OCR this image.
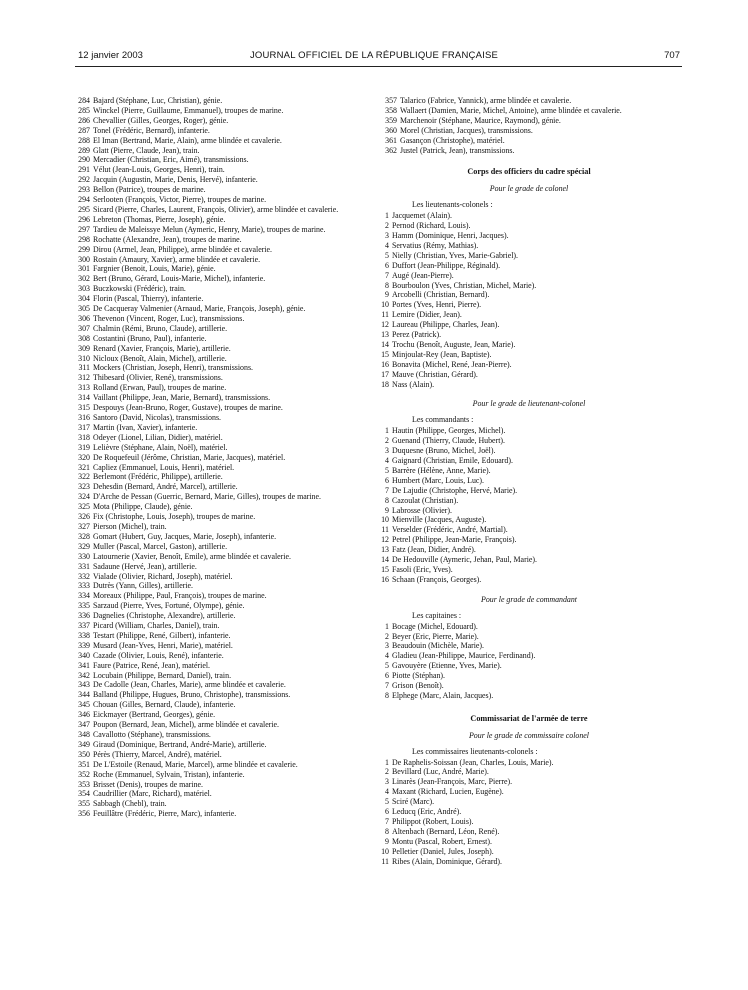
12 janvier 2003	JOURNAL OFFICIEL DE LA RÉPUBLIQUE FRANÇAISE	707
284 Bajard (Stéphane, Luc, Christian), génie.
285 Winckel (Pierre, Guillaume, Emmanuel), troupes de marine.
286 Chevallier (Gilles, Georges, Roger), génie.
287 Tonel (Frédéric, Bernard), infanterie.
288 El Iman (Bertrand, Marie, Alain), arme blindée et cavalerie.
289 Glatt (Pierre, Claude, Jean), train.
290 Mercadier (Christian, Eric, Aimé), transmissions.
291 Vélut (Jean-Louis, Georges, Henri), train.
292 Jacquin (Augustin, Marie, Denis, Hervé), infanterie.
293 Bellon (Patrice), troupes de marine.
294 Serlooten (François, Victor, Pierre), troupes de marine.
295 Sicard (Pierre, Charles, Laurent, François, Olivier), arme blindée et cavalerie.
296 Lebreton (Thomas, Pierre, Joseph), génie.
297 Tardieu de Maleissye Melun (Aymeric, Henry, Marie), troupes de marine.
298 Rochatte (Alexandre, Jean), troupes de marine.
299 Dirou (Armel, Jean, Philippe), arme blindée et cavalerie.
300 Rostain (Amaury, Xavier), arme blindée et cavalerie.
301 Fargnier (Benoit, Louis, Marie), génie.
302 Bert (Bruno, Gérard, Louis-Marie, Michel), infanterie.
303 Buczkowski (Frédéric), train.
304 Florin (Pascal, Thierry), infanterie.
305 De Cacqueray Valmenier (Arnaud, Marie, François, Joseph), génie.
306 Thevenon (Vincent, Roger, Luc), transmissions.
307 Chalmin (Rémi, Bruno, Claude), artillerie.
308 Costantini (Bruno, Paul), infanterie.
309 Renard (Xavier, François, Marie), artillerie.
310 Nicloux (Benoît, Alain, Michel), artillerie.
311 Mockers (Christian, Joseph, Henri), transmissions.
312 Thibesard (Olivier, René), transmissions.
313 Rolland (Erwan, Paul), troupes de marine.
314 Vaillant (Philippe, Jean, Marie, Bernard), transmissions.
315 Despouys (Jean-Bruno, Roger, Gustave), troupes de marine.
316 Santoro (David, Nicolas), transmissions.
317 Martin (Ivan, Xavier), infanterie.
318 Odeyer (Lionel, Lilian, Didier), matériel.
319 Lelièvre (Stéphane, Alain, Noël), matériel.
320 De Roquefeuil (Jérôme, Christian, Marie, Jacques), matériel.
321 Capliez (Emmanuel, Louis, Henri), matériel.
322 Berlemont (Frédéric, Philippe), artillerie.
323 Dehesdin (Bernard, André, Marcel), artillerie.
324 D'Arche de Pessan (Guerric, Bernard, Marie, Gilles), troupes de marine.
325 Mota (Philippe, Claude), génie.
326 Fix (Christophe, Louis, Joseph), troupes de marine.
327 Pierson (Michel), train.
328 Gomart (Hubert, Guy, Jacques, Marie, Joseph), infanterie.
329 Muller (Pascal, Marcel, Gaston), artillerie.
330 Latournerie (Xavier, Benoît, Emile), arme blindée et cavalerie.
331 Sadaune (Hervé, Jean), artillerie.
332 Vialade (Olivier, Richard, Joseph), matériel.
333 Dutrès (Yann, Gilles), artillerie.
334 Moreaux (Philippe, Paul, François), troupes de marine.
335 Sarzaud (Pierre, Yves, Fortuné, Olympe), génie.
336 Dagnelies (Christophe, Alexandre), artillerie.
337 Picard (William, Charles, Daniel), train.
338 Testart (Philippe, René, Gilbert), infanterie.
339 Musard (Jean-Yves, Henri, Marie), matériel.
340 Cazade (Olivier, Louis, René), infanterie.
341 Faure (Patrice, René, Jean), matériel.
342 Locubain (Philippe, Bernard, Daniel), train.
343 De Cadolle (Jean, Charles, Marie), arme blindée et cavalerie.
344 Balland (Philippe, Hugues, Bruno, Christophe), transmissions.
345 Chouan (Gilles, Bernard, Claude), infanterie.
346 Eickmayer (Bertrand, Georges), génie.
347 Poupon (Bernard, Jean, Michel), arme blindée et cavalerie.
348 Cavallotto (Stéphane), transmissions.
349 Giraud (Dominique, Bertrand, André-Marie), artillerie.
350 Pérès (Thierry, Marcel, André), matériel.
351 De L'Estoile (Renaud, Marie, Marcel), arme blindée et cavalerie.
352 Roche (Emmanuel, Sylvain, Tristan), infanterie.
353 Brisset (Denis), troupes de marine.
354 Caudrillier (Marc, Richard), matériel.
355 Sabbagh (Chebl), train.
356 Feuillâtre (Frédéric, Pierre, Marc), infanterie.
357 Talarico (Fabrice, Yannick), arme blindée et cavalerie.
358 Wallaert (Damien, Marie, Michel, Antoine), arme blindée et cavalerie.
359 Marchenoir (Stéphane, Maurice, Raymond), génie.
360 Morel (Christian, Jacques), transmissions.
361 Gasançon (Christophe), matériel.
362 Justel (Patrick, Jean), transmissions.
Corps des officiers du cadre spécial
Pour le grade de colonel
Les lieutenants-colonels :
1 Jacquemet (Alain).
2 Pernod (Richard, Louis).
3 Hamm (Dominique, Henri, Jacques).
4 Servatius (Rémy, Mathias).
5 Nielly (Christian, Yves, Marie-Gabriel).
6 Duffort (Jean-Philippe, Réginald).
7 Augé (Jean-Pierre).
8 Bourboulon (Yves, Christian, Michel, Marie).
9 Arcobelli (Christian, Bernard).
10 Portes (Yves, Henri, Pierre).
11 Lemire (Didier, Jean).
12 Laureau (Philippe, Charles, Jean).
13 Perez (Patrick).
14 Trochu (Benoît, Auguste, Jean, Marie).
15 Minjoulat-Rey (Jean, Baptiste).
16 Bonavita (Michel, René, Jean-Pierre).
17 Mauve (Christian, Gérard).
18 Nass (Alain).
Pour le grade de lieutenant-colonel
Les commandants :
1 Hautin (Philippe, Georges, Michel).
2 Guenand (Thierry, Claude, Hubert).
3 Duquesne (Bruno, Michel, Joël).
4 Gaignard (Christian, Emile, Edouard).
5 Barrère (Hélène, Anne, Marie).
6 Humbert (Marc, Louis, Luc).
7 De Lajudie (Christophe, Hervé, Marie).
8 Cazoulat (Christian).
9 Labrosse (Olivier).
10 Mienville (Jacques, Auguste).
11 Verselder (Frédéric, André, Martial).
12 Petrel (Philippe, Jean-Marie, François).
13 Fatz (Jean, Didier, André).
14 De Hedouville (Aymeric, Jehan, Paul, Marie).
15 Fasoli (Eric, Yves).
16 Schaan (François, Georges).
Pour le grade de commandant
Les capitaines :
1 Bocage (Michel, Edouard).
2 Beyer (Eric, Pierre, Marie).
3 Beaudouin (Michèle, Marie).
4 Gladieu (Jean-Philippe, Maurice, Ferdinand).
5 Gavouyère (Etienne, Yves, Marie).
6 Piotte (Stéphan).
7 Grison (Benoît).
8 Elphege (Marc, Alain, Jacques).
Commissariat de l'armée de terre
Pour le grade de commissaire colonel
Les commissaires lieutenants-colonels :
1 De Raphelis-Soissan (Jean, Charles, Louis, Marie).
2 Bevillard (Luc, André, Marie).
3 Linarès (Jean-François, Marc, Pierre).
4 Maxant (Richard, Lucien, Eugène).
5 Sciré (Marc).
6 Leducq (Eric, André).
7 Philippot (Robert, Louis).
8 Altenbach (Bernard, Léon, René).
9 Montu (Pascal, Robert, Ernest).
10 Pelletier (Daniel, Jules, Joseph).
11 Ribes (Alain, Dominique, Gérard).
